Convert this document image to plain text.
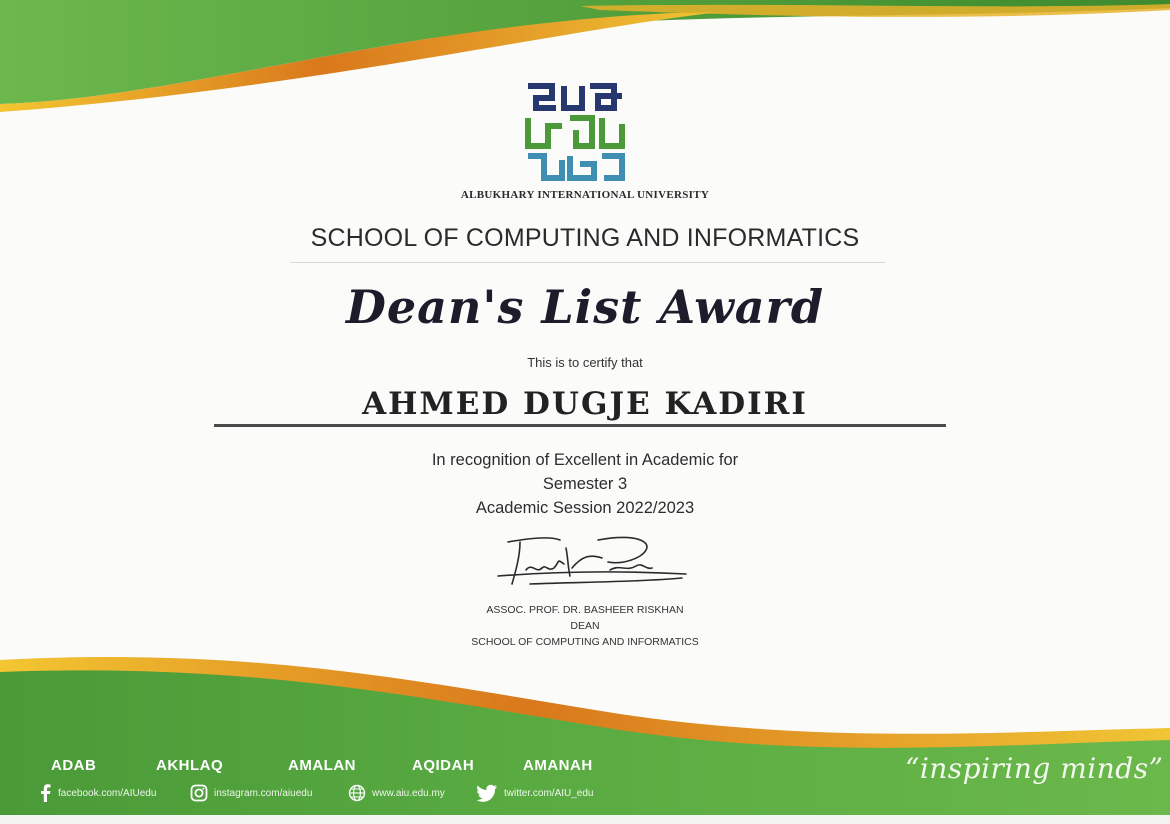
ALBUKHARY INTERNATIONAL UNIVERSITY
SCHOOL OF COMPUTING AND INFORMATICS
Dean's List Award
This is to certify that
AHMED DUGJE KADIRI
In recognition of Excellent in Academic for
Semester 3
Academic Session 2022/2023
ASSOC. PROF. DR. BASHEER RISKHAN
DEAN
SCHOOL OF COMPUTING AND INFORMATICS
ADAB	AKHLAQ	AMALAN	AQIDAH	AMANAH
facebook.com/AIUedu	instagram.com/aiuedu	www.aiu.edu.my	twitter.com/AIU_edu
“inspiring minds”
